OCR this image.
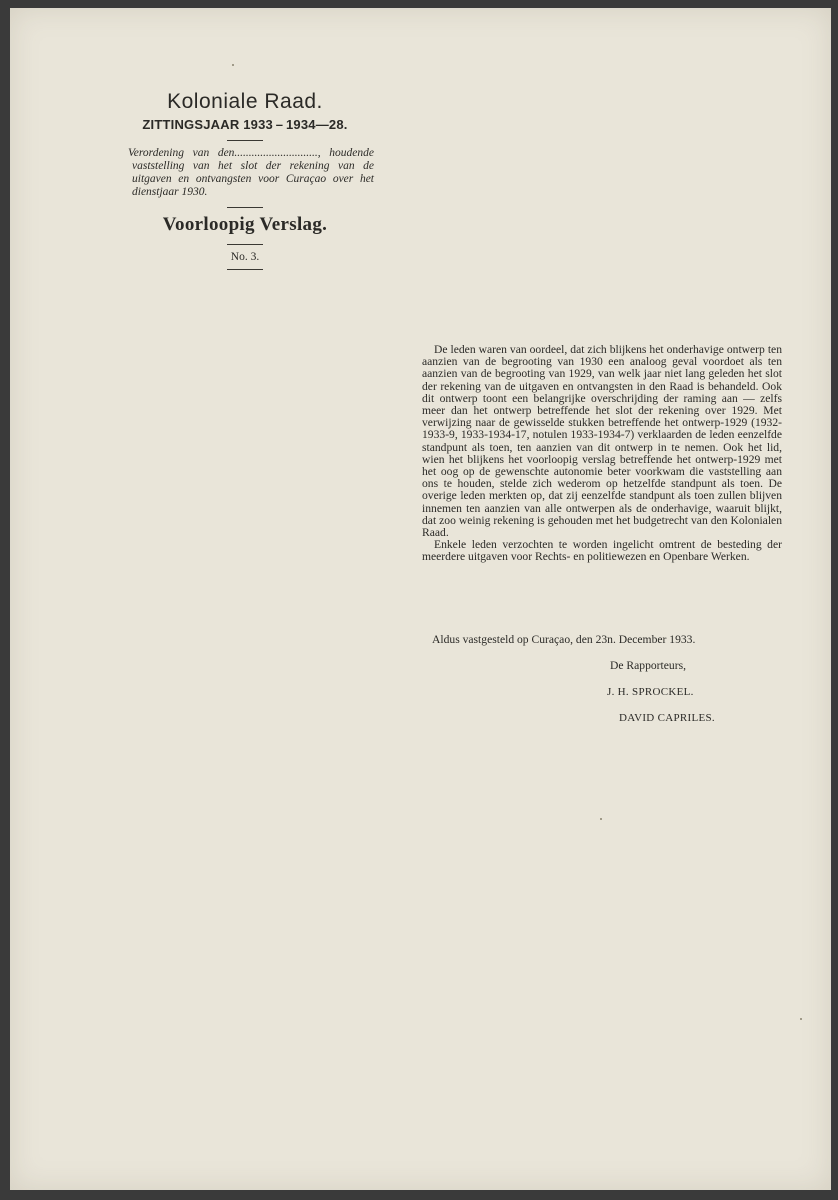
Koloniale Raad.
ZITTINGSJAAR 1933 – 1934—28.
Verordening van den............................., houdende vaststelling van het slot der rekening van de uitgaven en ontvangsten voor Curaçao over het dienstjaar 1930.
Voorloopig Verslag.
No. 3.

De leden waren van oordeel, dat zich blijkens het onderhavige ontwerp ten aanzien van de begrooting van 1930 een analoog geval voordoet als ten aanzien van de begrooting van 1929, van welk jaar niet lang geleden het slot der rekening van de uitgaven en ontvangsten in den Raad is behandeld. Ook dit ontwerp toont een belangrijke overschrijding der raming aan — zelfs meer dan het ontwerp betreffende het slot der rekening over 1929. Met verwijzing naar de gewisselde stukken betreffende het ontwerp-1929 (1932-1933-9, 1933-1934-17, notulen 1933-1934-7) verklaarden de leden eenzelfde standpunt als toen, ten aanzien van dit ontwerp in te nemen. Ook het lid, wien het blijkens het voorloopig verslag betreffende het ontwerp-1929 met het oog op de gewenschte autonomie beter voorkwam die vaststelling aan ons te houden, stelde zich wederom op hetzelfde standpunt als toen. De overige leden merkten op, dat zij eenzelfde standpunt als toen zullen blijven innemen ten aanzien van alle ontwerpen als de onderhavige, waaruit blijkt, dat zoo weinig rekening is gehouden met het budgetrecht van den Kolonialen Raad.

Enkele leden verzochten te worden ingelicht omtrent de besteding der meerdere uitgaven voor Rechts- en politiewezen en Openbare Werken.

Aldus vastgesteld op Curaçao, den 23n. December 1933.
De Rapporteurs,
J. H. SPROCKEL.
DAVID CAPRILES.
